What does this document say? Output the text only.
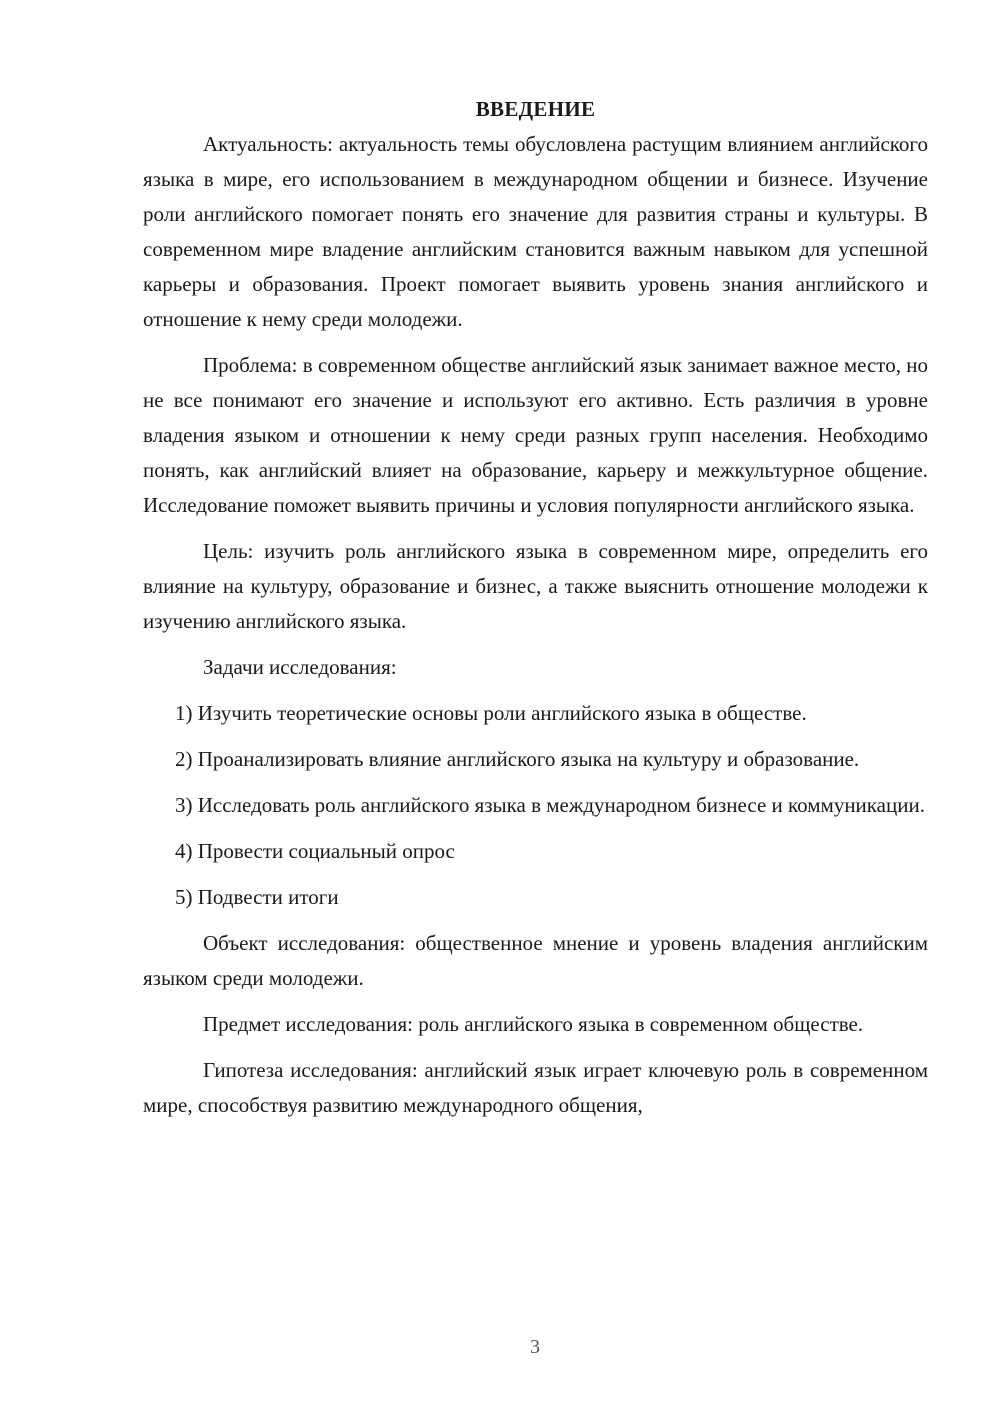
ВВЕДЕНИЕ

Актуальность: актуальность темы обусловлена растущим влиянием английского языка в мире, его использованием в международном общении и бизнесе. Изучение роли английского помогает понять его значение для развития страны и культуры. В современном мире владение английским становится важным навыком для успешной карьеры и образования. Проект помогает выявить уровень знания английского и отношение к нему среди молодежи.

Проблема: в современном обществе английский язык занимает важное место, но не все понимают его значение и используют его активно. Есть различия в уровне владения языком и отношении к нему среди разных групп населения. Необходимо понять, как английский влияет на образование, карьеру и межкультурное общение. Исследование поможет выявить причины и условия популярности английского языка.

Цель: изучить роль английского языка в современном мире, определить его влияние на культуру, образование и бизнес, а также выяснить отношение молодежи к изучению английского языка.

Задачи исследования:

1) Изучить теоретические основы роли английского языка в обществе.

2) Проанализировать влияние английского языка на культуру и образование.

3) Исследовать роль английского языка в международном бизнесе и коммуникации.

4) Провести социальный опрос

5) Подвести итоги

Объект исследования: общественное мнение и уровень владения английским языком среди молодежи.

Предмет исследования: роль английского языка в современном обществе.

Гипотеза исследования: английский язык играет ключевую роль в современном мире, способствуя развитию международного общения,

3
